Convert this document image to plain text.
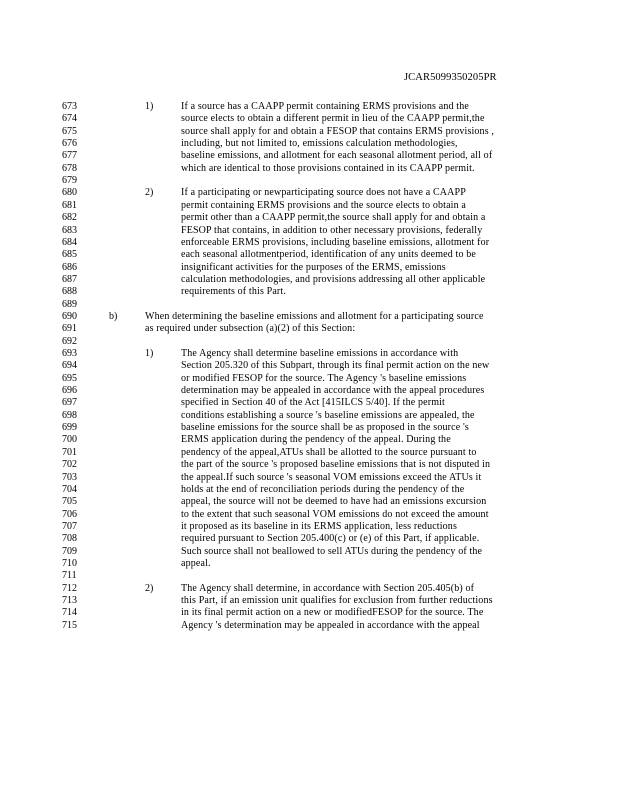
JCAR5099350205PR
673	1)	If a source has a CAAPP permit containing ERMS provisions and the
674	source elects to obtain a different permit in lieu of the CAAPP permit,the
675	source shall apply for and obtain a FESOP that contains ERMS provisions ,
676	including, but not limited to, emissions calculation methodologies,
677	baseline emissions, and allotment for each seasonal allotment period, all of
678	which are identical to those provisions contained in its CAAPP permit.
679
680	2)	If a participating or newparticipating source does not have a CAAPP
681	permit containing ERMS provisions and the source elects to obtain a
682	permit other than a CAAPP permit,the source shall apply for and obtain a
683	FESOP that contains, in addition to other necessary provisions, federally
684	enforceable ERMS provisions, including baseline emissions, allotment for
685	each seasonal allotmentperiod, identification of any units deemed to be
686	insignificant activities for the purposes of the ERMS, emissions
687	calculation methodologies, and provisions addressing all other applicable
688	requirements of this Part.
689
690	b)	When determining the baseline emissions and allotment for a participating source
691	as required under subsection (a)(2) of this Section:
692
693	1)	The Agency shall determine baseline emissions in accordance with
694	Section 205.320 of this Subpart, through its final permit action on the new
695	or modified FESOP for the source. The Agency 's baseline emissions
696	determination may be appealed in accordance with the appeal procedures
697	specified in Section 40 of the Act [415ILCS 5/40]. If the permit
698	conditions establishing a source 's baseline emissions are appealed, the
699	baseline emissions for the source shall be as proposed in the source 's
700	ERMS application during the pendency of the appeal. During the
701	pendency of the appeal,ATUs shall be allotted to the source pursuant to
702	the part of the source 's proposed baseline emissions that is not disputed in
703	the appeal.If such source 's seasonal VOM emissions exceed the ATUs it
704	holds at the end of reconciliation periods during the pendency of the
705	appeal, the source will not be deemed to have had an emissions excursion
706	to the extent that such seasonal VOM emissions do not exceed the amount
707	it proposed as its baseline in its ERMS application, less reductions
708	required pursuant to Section 205.400(c) or (e) of this Part, if applicable.
709	Such source shall not beallowed to sell ATUs during the pendency of the
710	appeal.
711
712	2)	The Agency shall determine, in accordance with Section 205.405(b) of
713	this Part, if an emission unit qualifies for exclusion from further reductions
714	in its final permit action on a new or modifiedFESOP for the source. The
715	Agency 's determination may be appealed in accordance with the appeal
